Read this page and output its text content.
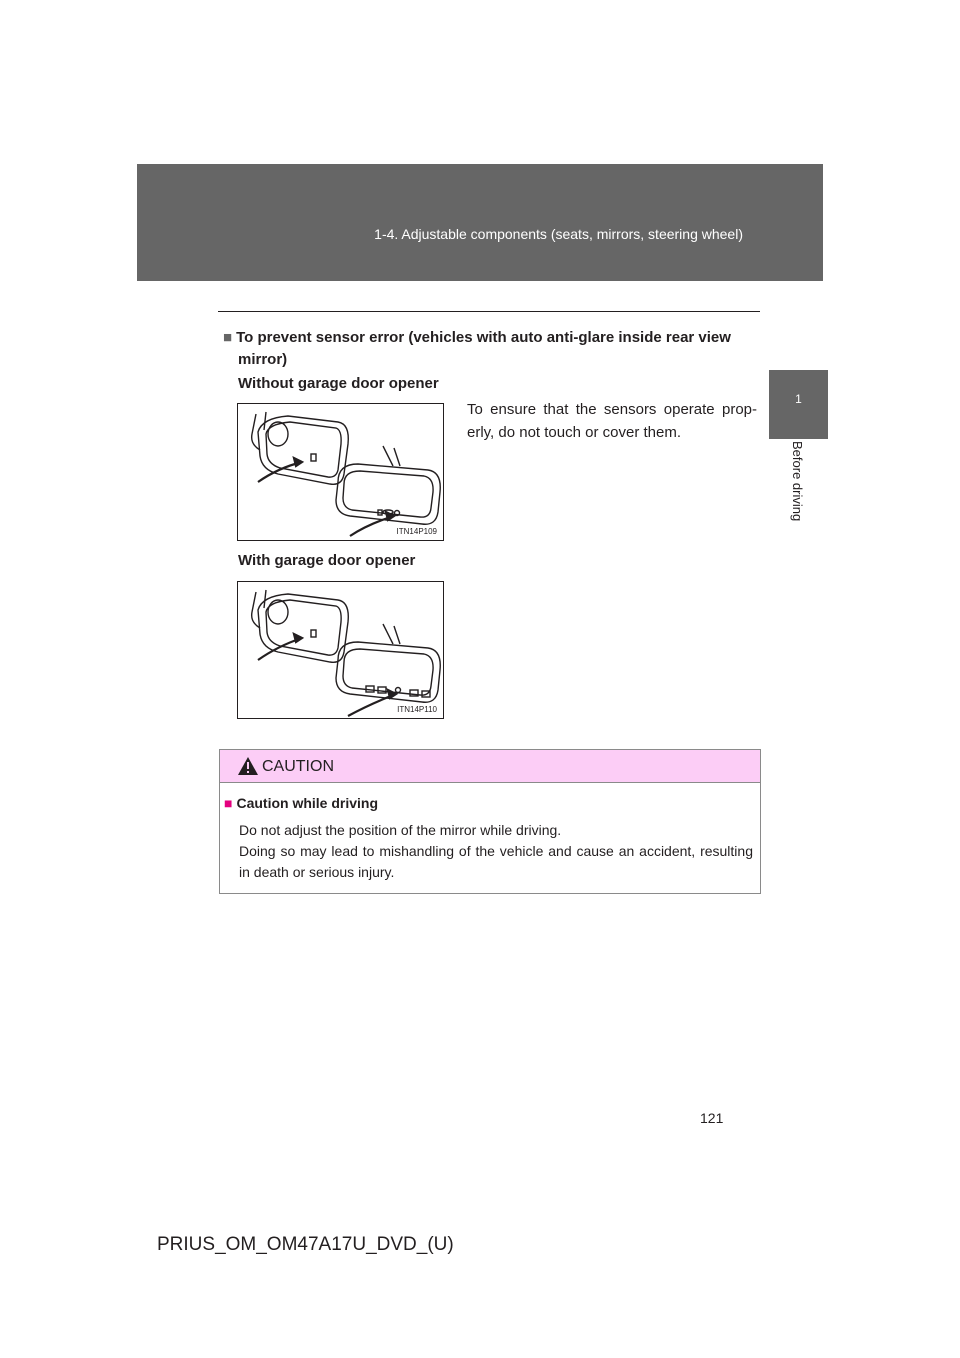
1-4. Adjustable components (seats, mirrors, steering wheel)
1
Before driving
■ To prevent sensor error (vehicles with auto anti-glare inside rear view
mirror)
Without garage door opener
To ensure that the sensors operate prop-erly, do not touch or cover them.
ITN14P109
With garage door opener
ITN14P110
CAUTION
■ Caution while driving

Do not adjust the position of the mirror while driving.

Doing so may lead to mishandling of the vehicle and cause an accident, resulting in death or serious injury.

121
PRIUS_OM_OM47A17U_DVD_(U)
